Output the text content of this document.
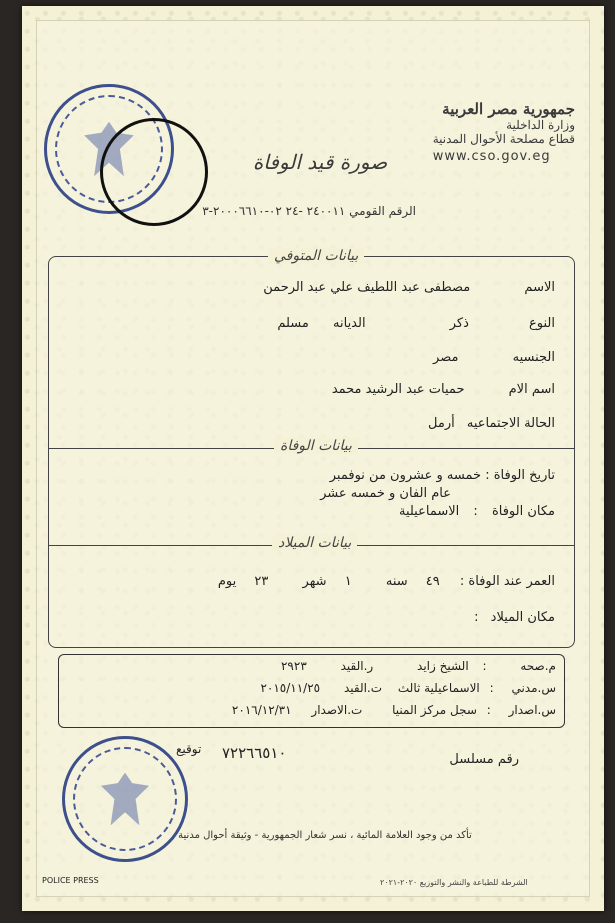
جمهورية مصر العربية
وزارة الداخلية
قطاع مصلحة الأحوال المدنية
www.cso.gov.eg
صورة قيد الوفاة
الرقم القومي ٢٤٠٠١١ -٢٤ ٠٢-٢٠٠٠٦٦١٠-٣
بيانات المتوفي
الاسم مصطفى عبد اللطيف علي عبد الرحمن
النوع ذكر الديانه مسلم
الجنسيه مصر
اسم الام حميات عبد الرشيد محمد
الحالة الاجتماعيه أرمل
بيانات الوفاة
تاريخ الوفاة : خمسه و عشرون من نوفمبر
عام الفان و خمسه عشر
مكان الوفاة : الاسماعيلية
بيانات الميلاد
العمر عند الوفاة : ٤٩ سنه ١ شهر ٢٣ يوم
مكان الميلاد :
م.صحه : الشيخ زايد ر.القيد ٢٩٢٣
س.مدني : الاسماعيلية ثالث ت.القيد ٢٠١٥/١١/٢٥
س.اصدار : سجل مركز المنيا ت.الاصدار ٢٠١٦/١٢/٣١
رقم مسلسل
٧٢٢٦٦٥١٠
توقيع
تأكد من وجود العلامة المائية ، نسر شعار الجمهورية - وثيقة أحوال مدنية
POLICE PRESS	الشرطة للطباعة والنشر والتوزيع ٢٠٢٠-٢٠٢١
